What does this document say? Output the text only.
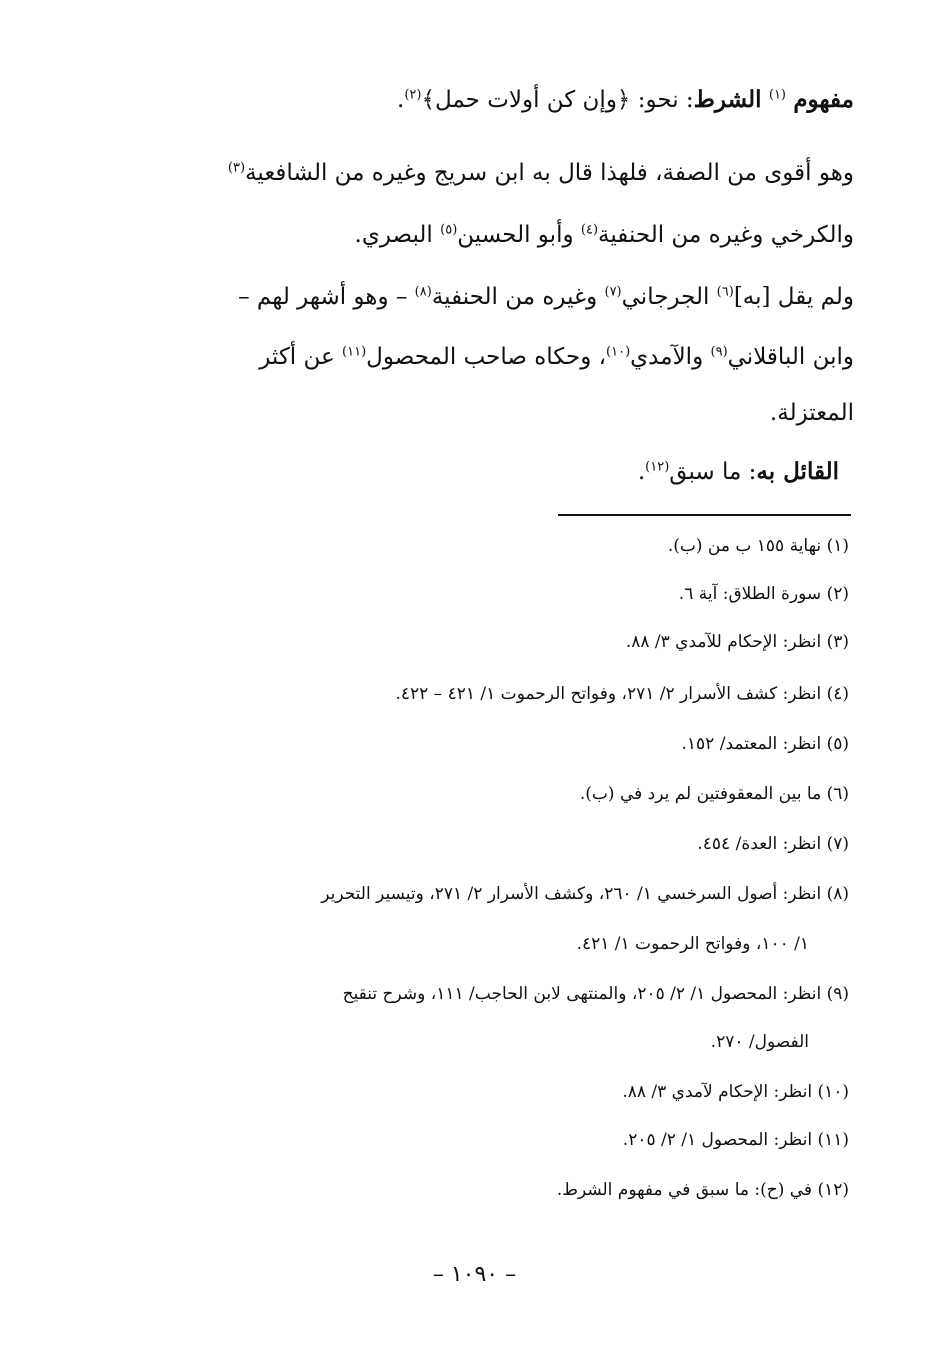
مفهوم $^{(١)}$ الشرط: نحو: ﴿وإن كن أولات حمل﴾$^{(٢)}$.
وهو أقوى من الصفة، فلهذا قال به ابن سريج وغيره من الشافعية$^{(٣)}$
والكرخي وغيره من الحنفية$^{(٤)}$ وأبو الحسين$^{(٥)}$ البصري.
ولم يقل [به]$^{(٦)}$ الجرجاني$^{(٧)}$ وغيره من الحنفية$^{(٨)}$ – وهو أشهر لهم –
وابن الباقلاني$^{(٩)}$ والآمدي$^{(١٠)}$، وحكاه صاحب المحصول$^{(١١)}$ عن أكثر
المعتزلة.
القائل به: ما سبق$^{(١٢)}$.
(١) نهاية ١٥٥ ب من (ب).
(٢) سورة الطلاق: آية ٦.
(٣) انظر: الإحكام للآمدي ٣/ ٨٨.
(٤) انظر: كشف الأسرار ٢/ ٢٧١، وفواتح الرحموت ١/ ٤٢١ – ٤٢٢.
(٥) انظر: المعتمد/ ١٥٢.
(٦) ما بين المعقوفتين لم يرد في (ب).
(٧) انظر: العدة/ ٤٥٤.
(٨) انظر: أصول السرخسي ١/ ٢٦٠، وكشف الأسرار ٢/ ٢٧١، وتيسير التحرير
١/ ١٠٠، وفواتح الرحموت ١/ ٤٢١.
(٩) انظر: المحصول ١/ ٢/ ٢٠٥، والمنتهى لابن الحاجب/ ١١١، وشرح تنقيح
الفصول/ ٢٧٠.
(١٠) انظر: الإحكام لآمدي ٣/ ٨٨.
(١١) انظر: المحصول ١/ ٢/ ٢٠٥.
(١٢) في (ح): ما سبق في مفهوم الشرط.
– ١٠٩٠ –
